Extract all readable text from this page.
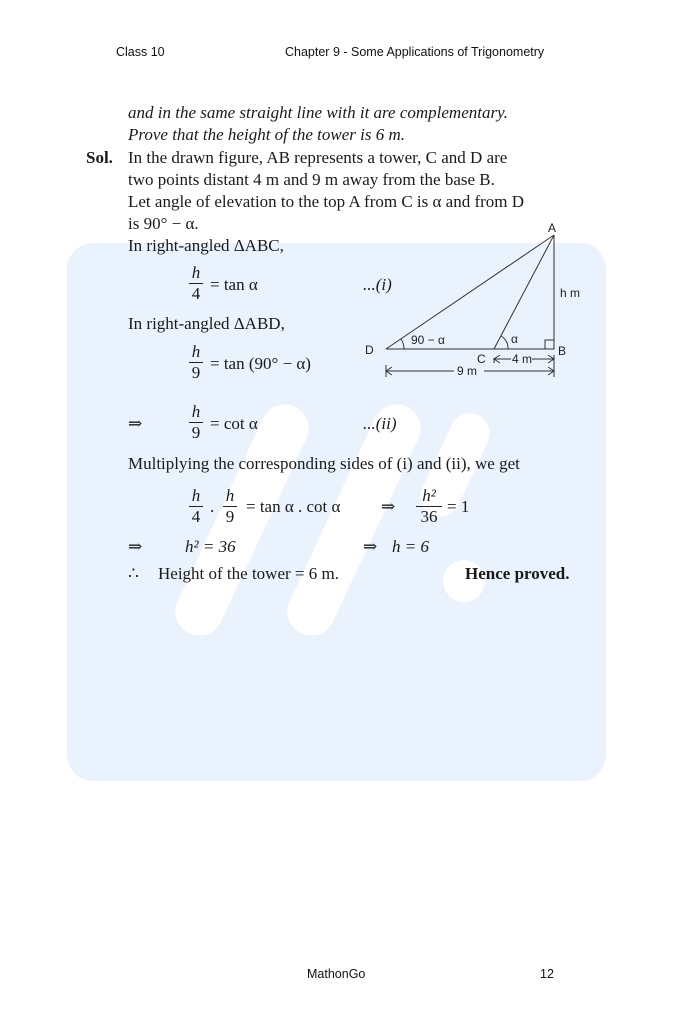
Class 10	Chapter 9 - Some Applications of Trigonometry
and in the same straight line with it are complementary.
Prove that the height of the tower is 6 m.
Sol. In the drawn figure, AB represents a tower, C and D are
two points distant 4 m and 9 m away from the base B.
Let angle of elevation to the top A from C is α and from D
is 90° − α.
In right-angled ΔABC,
h
4 = tan α	...(i)
In right-angled ΔABD,
h
9 = tan (90° − α)
⇒
h
9 = cot α	...(ii)
Multiplying the corresponding sides of (i) and (ii), we get
h
4
.
h
9
= tan α . cot α ⇒
h²
36
= 1
⇒	h² = 36	⇒ h = 6
∴ Height of the tower = 6 m.	Hence proved.
A
B
C
D
h m
90 − α	α
4 m
9 m
MathonGo	12
